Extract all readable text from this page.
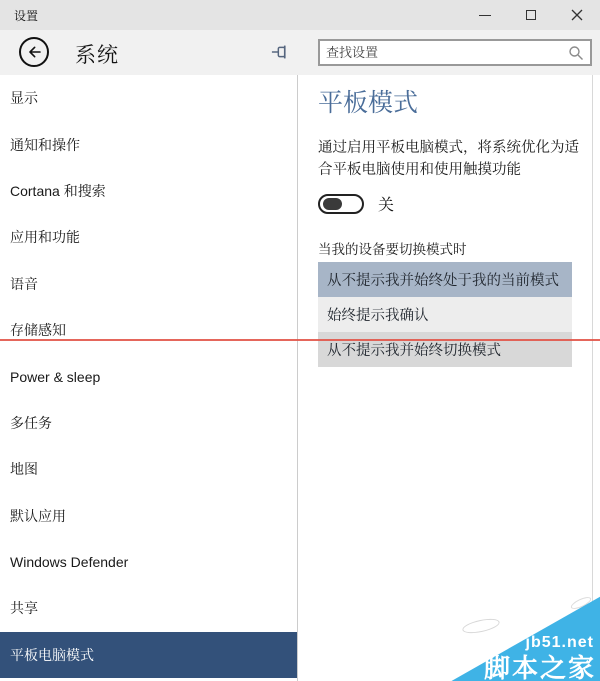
设置
系统
查找设置
显示
通知和操作
Cortana 和搜索
应用和功能
语音
存储感知
Power & sleep
多任务
地图
默认应用
Windows Defender
共享
平板电脑模式
平板模式

通过启用平板电脑模式，将系统优化为适合平板电脑使用和使用触摸功能

关
当我的设备要切换模式时
从不提示我并始终处于我的当前模式
始终提示我确认
从不提示我并始终切换模式
jb51.net
脚本之家
